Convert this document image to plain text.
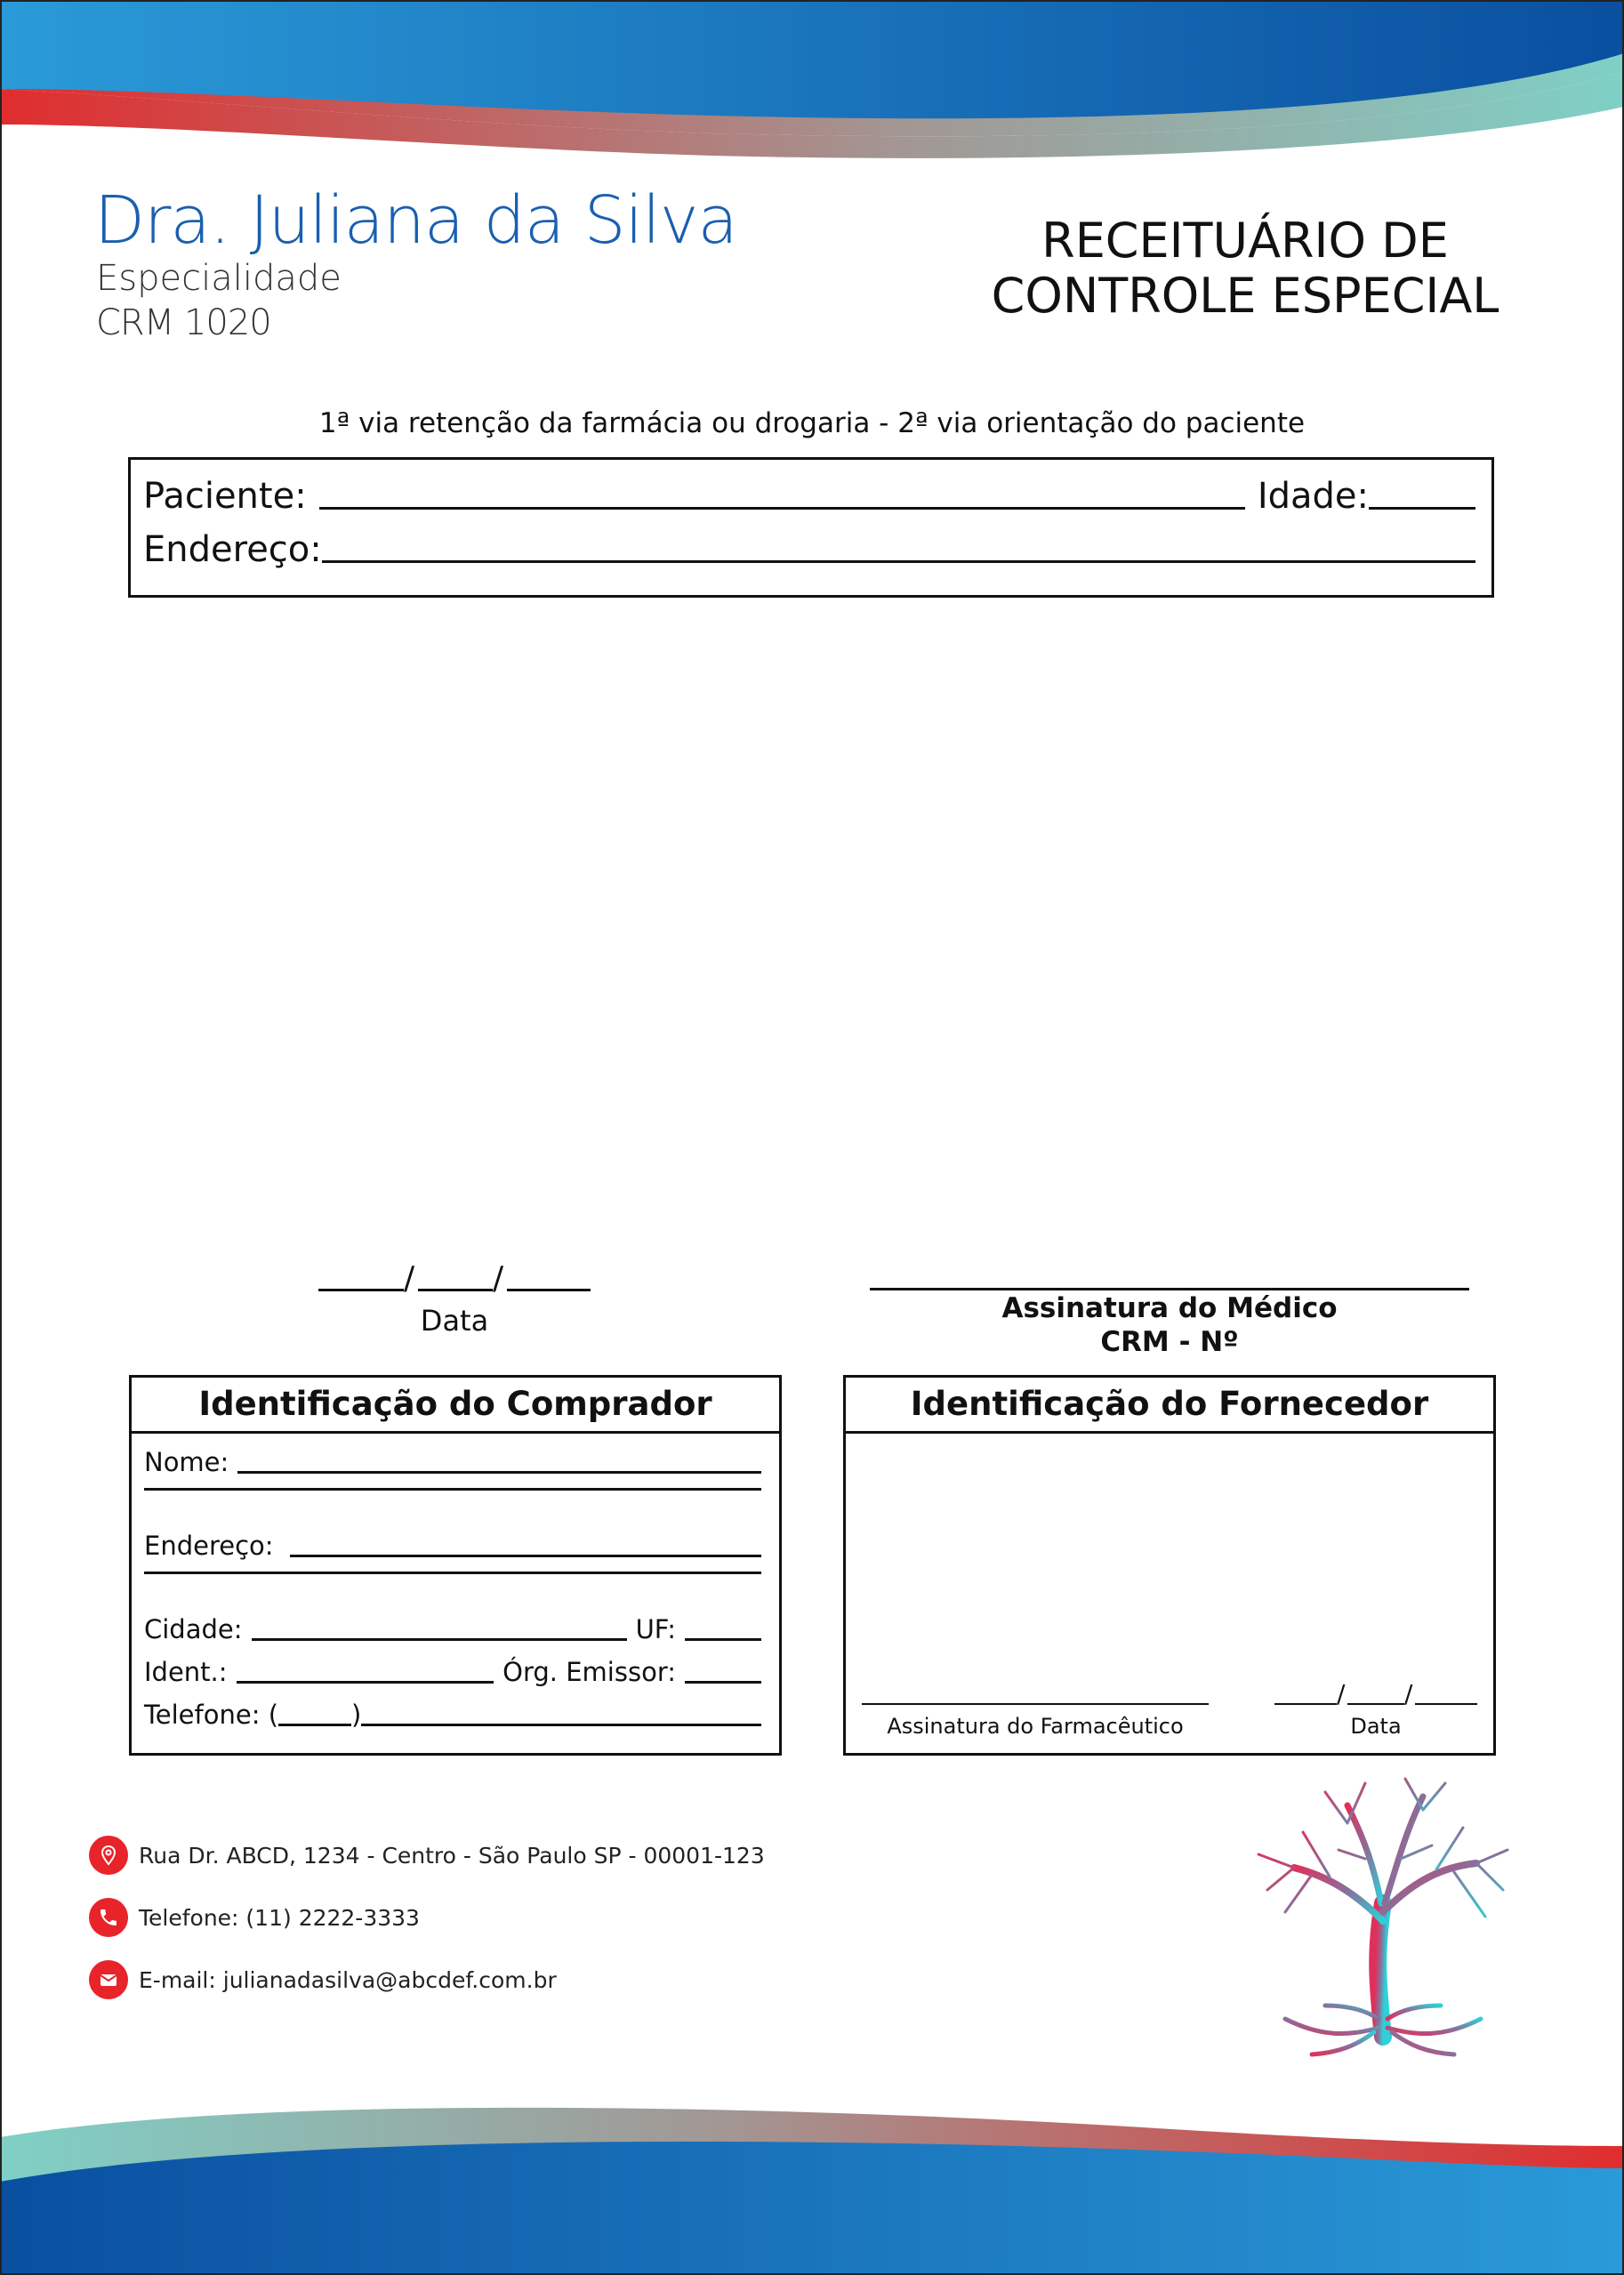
Dra. Juliana da Silva
Especialidade
CRM 1020
RECEITUÁRIO DE
CONTROLE ESPECIAL
1ª via retenção da farmácia ou drogaria - 2ª via orientação do paciente
Paciente:	Idade:
Endereço:
/ /
Data	Assinatura do Médico
CRM - Nº
Identificação do Comprador
Nome:
Endereço:
Cidade:	UF:
Ident.:	Órg. Emissor:
Telefone: (	)
Identificação do Fornecedor
Assinatura do Farmacêutico
/ /
Data
Rua Dr. ABCD, 1234 - Centro - São Paulo SP - 00001-123
Telefone: (11) 2222-3333
E-mail: julianadasilva@abcdef.com.br
